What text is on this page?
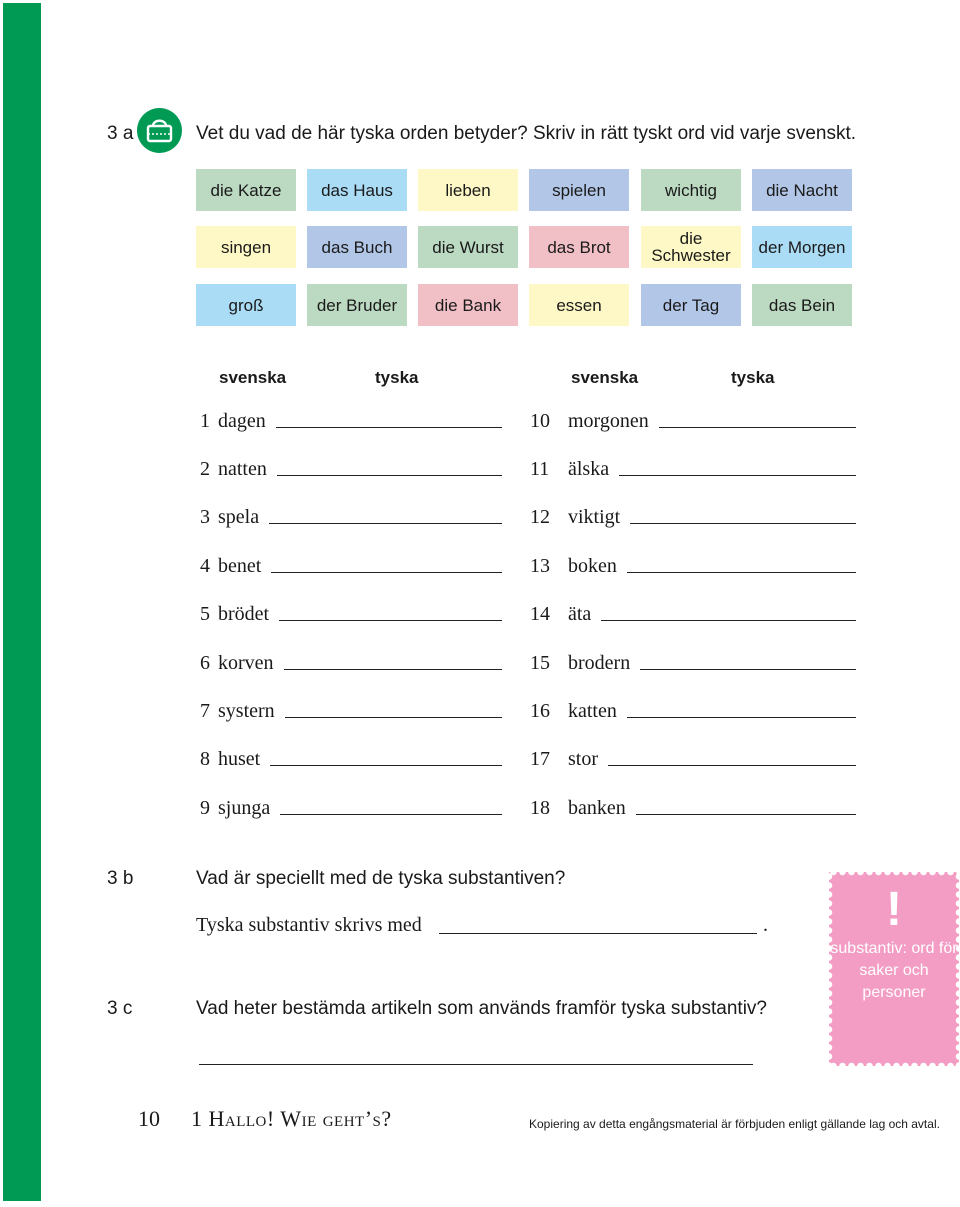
3 a	Vet du vad de här tyska orden betyder? Skriv in rätt tyskt ord vid varje svenskt.
die Katze	das Haus	lieben	spielen	wichtig	die Nacht
singen	das Buch	die Wurst	das Brot	die Schwester	der Morgen
groß	der Bruder	die Bank	essen	der Tag	das Bein
svenska	tyska	svenska	tyska
1 dagen
2 natten
3 spela
4 benet
5 brödet
6 korven
7 systern
8 huset
9 sjunga
10 morgonen
11 älska
12 viktigt
13 boken
14 äta
15 brodern
16 katten
17 stor
18 banken
3 b	Vad är speciellt med de tyska substantiven?
Tyska substantiv skrivs med	.
3 c	Vad heter bestämda artikeln som används framför tyska substantiv?
!
substantiv: ord för saker och personer
10 1 Hallo! Wie geht’s?	Kopiering av detta engångsmaterial är förbjuden enligt gällande lag och avtal.
